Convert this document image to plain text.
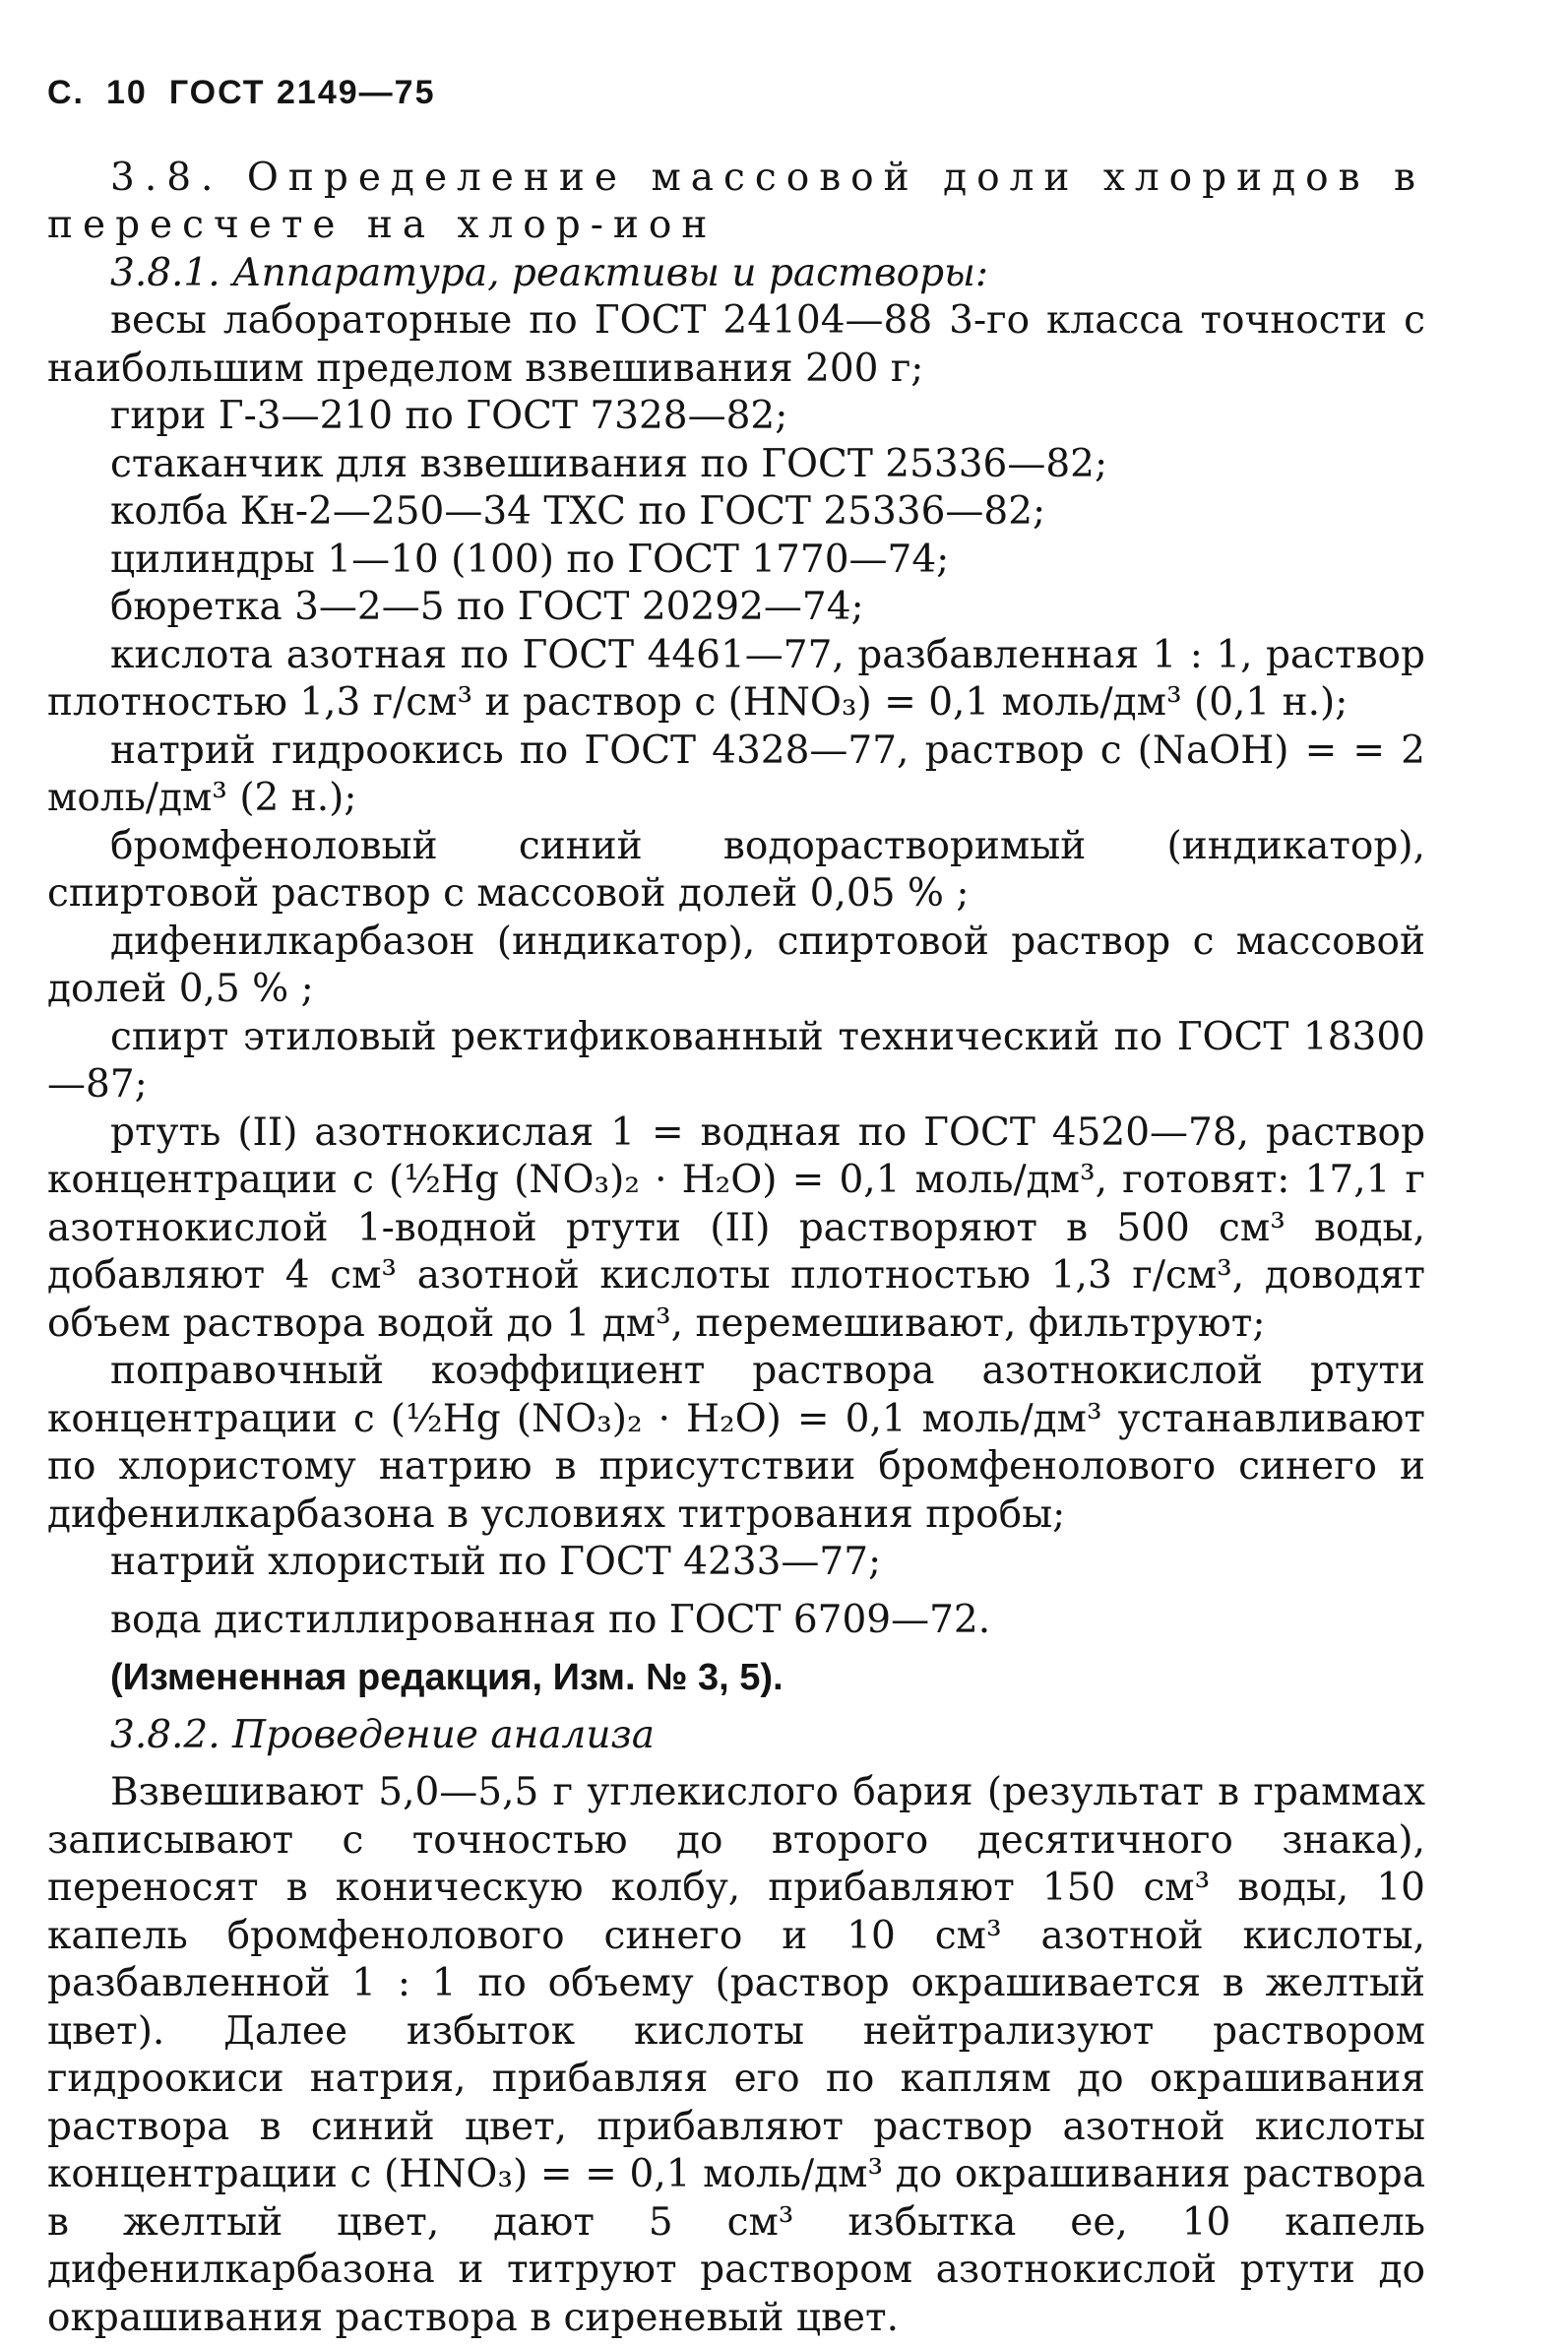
С. 10 ГОСТ 2149—75

3.8. Определение массовой доли хлоридов в пересчете на хлор-ион

3.8.1. Аппаратура, реактивы и растворы:

весы лабораторные по ГОСТ 24104—88 3-го класса точности с наибольшим пределом взвешивания 200 г;

гири Г-3—210 по ГОСТ 7328—82;

стаканчик для взвешивания по ГОСТ 25336—82;

колба Кн-2—250—34 ТХС по ГОСТ 25336—82;

цилиндры 1—10 (100) по ГОСТ 1770—74;

бюретка 3—2—5 по ГОСТ 20292—74;

кислота азотная по ГОСТ 4461—77, разбавленная 1 : 1, раствор плотностью 1,3 г/см³ и раствор с (HNO₃) = 0,1 моль/дм³ (0,1 н.);

натрий гидроокись по ГОСТ 4328—77, раствор с (NaOH) = = 2 моль/дм³ (2 н.);

бромфеноловый синий водорастворимый (индикатор), спиртовой раствор с массовой долей 0,05 % ;

дифенилкарбазон (индикатор), спиртовой раствор с массовой долей 0,5 % ;

спирт этиловый ректификованный технический по ГОСТ 18300—87;

ртуть (II) азотнокислая 1 = водная по ГОСТ 4520—78, раствор концентрации с (½Hg (NO₃)₂ · H₂O) = 0,1 моль/дм³, готовят: 17,1 г азотнокислой 1-водной ртути (II) растворяют в 500 см³ воды, добавляют 4 см³ азотной кислоты плотностью 1,3 г/см³, доводят объем раствора водой до 1 дм³, перемешивают, фильтруют;

поправочный коэффициент раствора азотнокислой ртути концентрации с (½Hg (NO₃)₂ · H₂O) = 0,1 моль/дм³ устанавливают по хлористому натрию в присутствии бромфенолового синего и дифенилкарбазона в условиях титрования пробы;

натрий хлористый по ГОСТ 4233—77;

вода дистиллированная по ГОСТ 6709—72.

(Измененная редакция, Изм. № 3, 5).

3.8.2. Проведение анализа

Взвешивают 5,0—5,5 г углекислого бария (результат в граммах записывают с точностью до второго десятичного знака), переносят в коническую колбу, прибавляют 150 см³ воды, 10 капель бромфенолового синего и 10 см³ азотной кислоты, разбавленной 1 : 1 по объему (раствор окрашивается в желтый цвет). Далее избыток кислоты нейтрализуют раствором гидроокиси натрия, прибавляя его по каплям до окрашивания раствора в синий цвет, прибавляют раствор азотной кислоты концентрации с (HNO₃) = = 0,1 моль/дм³ до окрашивания раствора в желтый цвет, дают 5 см³ избытка ее, 10 капель дифенилкарбазона и титруют раствором азотнокислой ртути до окрашивания раствора в сиреневый цвет.
